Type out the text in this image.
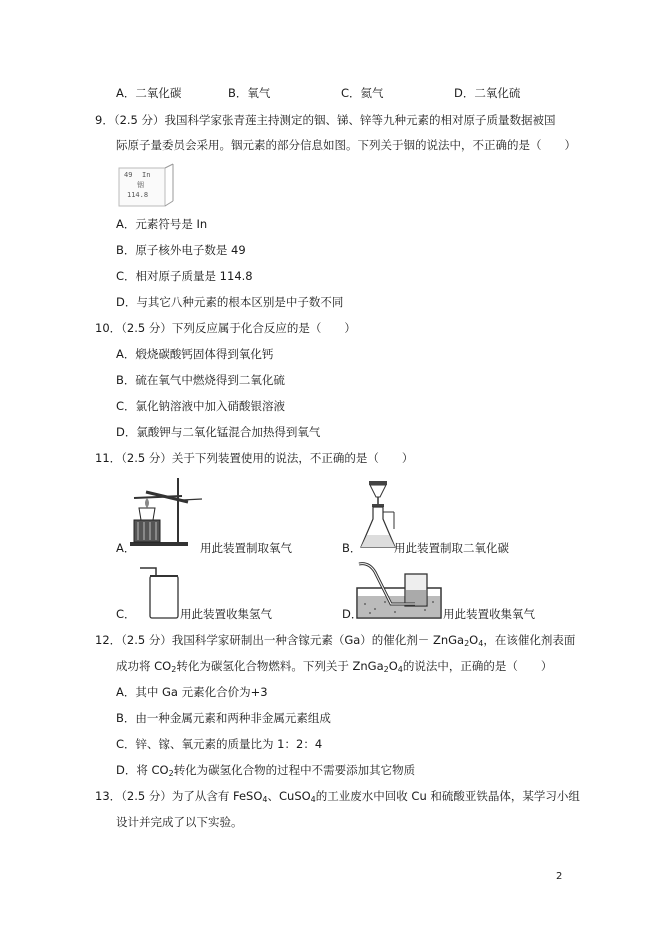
A．二氧化碳	B．氧气	C．氦气	D．二氧化硫
9．（2.5 分）我国科学家张青莲主持测定的铟、锑、锌等九种元素的相对原子质量数据被国
际原子量委员会采用。铟元素的部分信息如图。下列关于铟的说法中，不正确的是（　　）
49 In
铟
114.8
A．元素符号是 In
B．原子核外电子数是 49
C．相对原子质量是 114.8
D．与其它八种元素的根本区别是中子数不同
10．（2.5 分）下列反应属于化合反应的是（　　）
A．煅烧碳酸钙固体得到氧化钙
B．硫在氧气中燃烧得到二氧化硫
C．氯化钠溶液中加入硝酸银溶液
D．氯酸钾与二氧化锰混合加热得到氧气
11．（2.5 分）关于下列装置使用的说法，不正确的是（　　）
A．	用此装置制取氧气	B．	用此装置制取二氧化碳
C．	用此装置收集氢气	D．	用此装置收集氧气
12．（2.5 分）我国科学家研制出一种含镓元素（Ga）的催化剂－ $ZnGa_2O_4$，在该催化剂表面
成功将 $CO_2$转化为碳氢化合物燃料。下列关于 $ZnGa_2O_4$的说法中，正确的是（　　）
A．其中 Ga 元素化合价为+3
B．由一种金属元素和两种非金属元素组成
C．锌、镓、氧元素的质量比为 1：2：4
D．将 $CO_2$转化为碳氢化合物的过程中不需要添加其它物质
13．（2.5 分）为了从含有 FeSO$_4$、CuSO$_4$的工业废水中回收 Cu 和硫酸亚铁晶体，某学习小组
设计并完成了以下实验。
2
